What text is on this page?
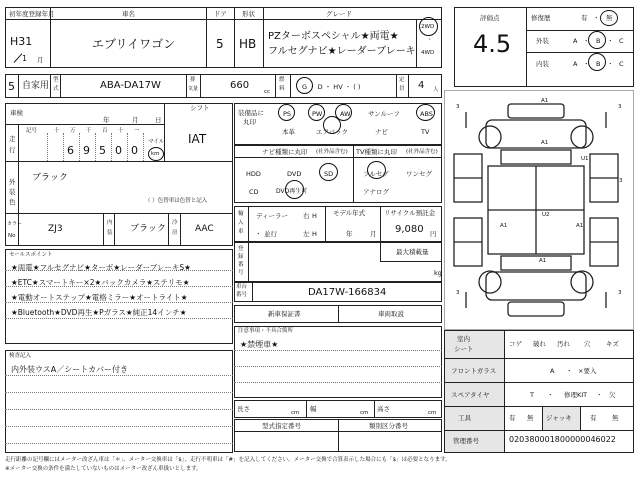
初年度登録年月	車名	ドア 形状	グレード
H31
1 月
エブリイワゴン	5 HB
PZターボスペシャル★両電★
フルセグナビ★レーダーブレーキ
2WD
・
4WD
評価点
4.5
修復歴	有 ・ 無
外装	A ・ B ・ C
内装	A ・ B ・ C
5 自家用
型
式	ABA-DA17W	排
気量	660
cc
燃
料	G ・ D ・ HV ・ ( )
定
員 4 人
車検
年	月	日
シフト
IAT
走
行
記号	十 万 千 百 十 一
6 9 5 0 0
マイル
km
外
装
色
ブラック
（ ）色替車は色替と記入
カラー
No
ZJ3
内
装 ブラック
冷
房 AAC
セールスポイント
★両電★フルセグナビ★ターボ★レーダーブレーキS★
★ETC★スマートキー×2★バックカメラ★ステリモ★
★電動オートステップ★電格ミラー★オートライト★
★Bluetooth★DVD再生★Pガラス★純正14インチ★
検査記入
内外装ウスA／シートカバー付き
装備品に
丸印
PS	PW	AW	サンルーフ	ABS
本革	エアバック	ナビ	TV
ナビ種類に丸印 (社外品含む) TV種類に丸印 (社外品含む)
HDD	DVD	SD
CD	DVD再生可
フルセグ	ワンセグ
アナログ
輸
入
車
ディーラー
並行
・
右 H
左 H
モデル年式
年	月
リサイクル預託金
9,080 円
登
録
番
号
最大積載量
kg
車台
番号	DA17W-166834
新車保証書	車両取説
注意事項・不具合箇所
★禁煙車★
長さ	cm 幅	cm 高さ	cm
型式指定番号	類別区分番号
A1
A1
U1
U2
A1	A1
A1
3	3
3	3
3
室内
シート
コゲ 破れ 汚れ 穴 キズ
フロントガラス	A ・ ×要入
スペアタイヤ	T ・ 修理KIT ・ 欠
工具	有 無 ジャッキ	有 無
管理番号	020380001800000046022
走行距離の記号欄にはメーター改ざん車は「＊」、メーター交換車は「$」、走行不明車は「#」を記入してください。メーター交換で合算表示した場合にも「$」は必要となります。
※メーター交換の条件を満たしていないものはメーター改ざん車扱いとします。
